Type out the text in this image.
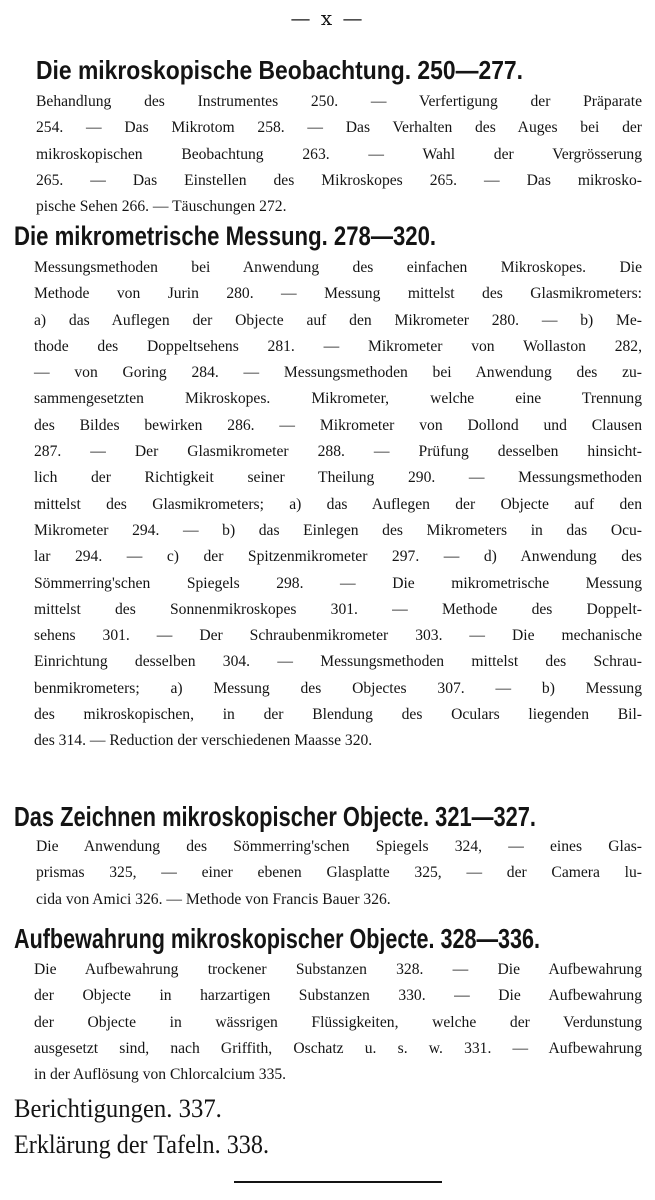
— x —
Die mikroskopische Beobachtung. 250—277.
Behandlung des Instrumentes 250. — Verfertigung der Präparate
254. — Das Mikrotom 258. — Das Verhalten des Auges bei der
mikroskopischen Beobachtung 263. — Wahl der Vergrösserung
265. — Das Einstellen des Mikroskopes 265. — Das mikrosko-
pische Sehen 266. — Täuschungen 272.
Die mikrometrische Messung. 278—320.
Messungsmethoden bei Anwendung des einfachen Mikroskopes. Die
Methode von Jurin 280. — Messung mittelst des Glasmikrometers:
a) das Auflegen der Objecte auf den Mikrometer 280. — b) Me-
thode des Doppeltsehens 281. — Mikrometer von Wollaston 282,
— von Goring 284. — Messungsmethoden bei Anwendung des zu-
sammengesetzten Mikroskopes. Mikrometer, welche eine Trennung
des Bildes bewirken 286. — Mikrometer von Dollond und Clausen
287. — Der Glasmikrometer 288. — Prüfung desselben hinsicht-
lich der Richtigkeit seiner Theilung 290. — Messungsmethoden
mittelst des Glasmikrometers; a) das Auflegen der Objecte auf den
Mikrometer 294. — b) das Einlegen des Mikrometers in das Ocu-
lar 294. — c) der Spitzenmikrometer 297. — d) Anwendung des
Sömmerring'schen Spiegels 298. — Die mikrometrische Messung
mittelst des Sonnenmikroskopes 301. — Methode des Doppelt-
sehens 301. — Der Schraubenmikrometer 303. — Die mechanische
Einrichtung desselben 304. — Messungsmethoden mittelst des Schrau-
benmikrometers; a) Messung des Objectes 307. — b) Messung
des mikroskopischen, in der Blendung des Oculars liegenden Bil-
des 314. — Reduction der verschiedenen Maasse 320.
Das Zeichnen mikroskopischer Objecte. 321—327.
Die Anwendung des Sömmerring'schen Spiegels 324, — eines Glas-
prismas 325, — einer ebenen Glasplatte 325, — der Camera lu-
cida von Amici 326. — Methode von Francis Bauer 326.
Aufbewahrung mikroskopischer Objecte. 328—336.
Die Aufbewahrung trockener Substanzen 328. — Die Aufbewahrung
der Objecte in harzartigen Substanzen 330. — Die Aufbewahrung
der Objecte in wässrigen Flüssigkeiten, welche der Verdunstung
ausgesetzt sind, nach Griffith, Oschatz u. s. w. 331. — Aufbewahrung
in der Auflösung von Chlorcalcium 335.
Berichtigungen. 337.
Erklärung der Tafeln. 338.
